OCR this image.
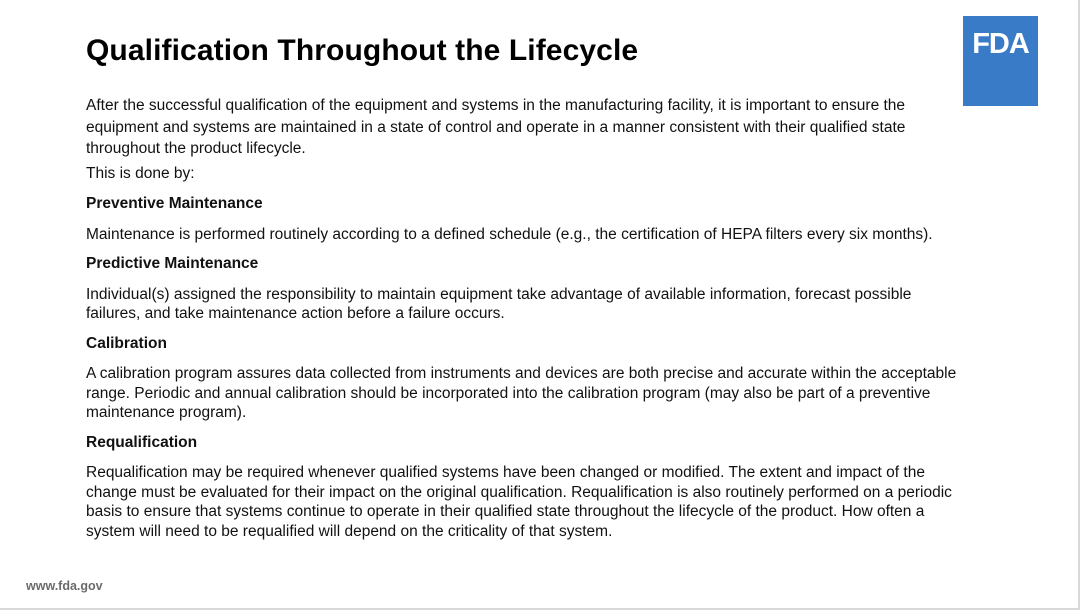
Qualification Throughout the Lifecycle	FDA

After the successful qualification of the equipment and systems in the manufacturing facility, it is important to ensure the equipment and systems are maintained in a state of control and operate in a manner consistent with their qualified state throughout the product lifecycle.

This is done by:

Preventive Maintenance

Maintenance is performed routinely according to a defined schedule (e.g., the certification of HEPA filters every six months).

Predictive Maintenance

Individual(s) assigned the responsibility to maintain equipment take advantage of available information, forecast possible failures, and take maintenance action before a failure occurs.

Calibration

A calibration program assures data collected from instruments and devices are both precise and accurate within the acceptable range. Periodic and annual calibration should be incorporated into the calibration program (may also be part of a preventive maintenance program).

Requalification

Requalification may be required whenever qualified systems have been changed or modified. The extent and impact of the change must be evaluated for their impact on the original qualification. Requalification is also routinely performed on a periodic basis to ensure that systems continue to operate in their qualified state throughout the lifecycle of the product. How often a system will need to be requalified will depend on the criticality of that system.

www.fda.gov
